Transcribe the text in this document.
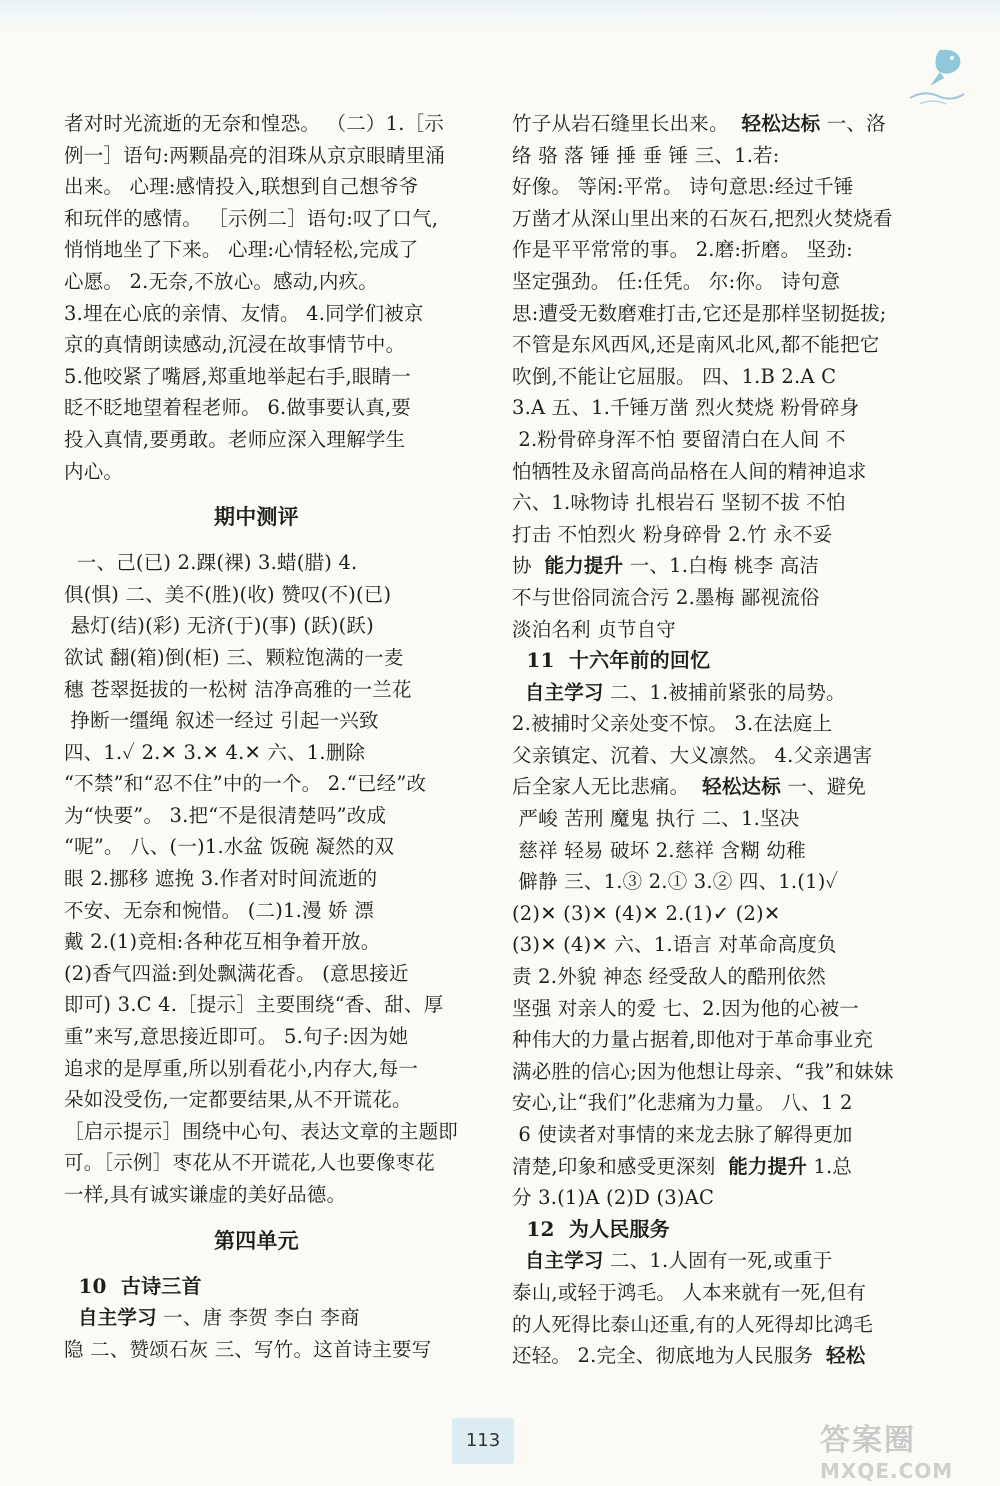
者对时光流逝的无奈和惶恐。 （二）1.［示
例一］语句:两颗晶亮的泪珠从京京眼睛里涌
出来。 心理:感情投入,联想到自己想爷爷
和玩伴的感情。 ［示例二］语句:叹了口气,
悄悄地坐了下来。 心理:心情轻松,完成了
心愿。 2.无奈,不放心。感动,内疚。
3.埋在心底的亲情、友情。 4.同学们被京
京的真情朗读感动,沉浸在故事情节中。
5.他咬紧了嘴唇,郑重地举起右手,眼睛一
眨不眨地望着程老师。 6.做事要认真,要
投入真情,要勇敢。老师应深入理解学生
内心。
期中测评
一、己(已) 2.踝(裸) 3.蜡(腊) 4.
俱(惧) 二、美不(胜)(收) 赞叹(不)(已)
悬灯(结)(彩) 无济(于)(事) (跃)(跃)
欲试 翻(箱)倒(柜) 三、颗粒饱满的一麦
穗 苍翠挺拔的一松树 洁净高雅的一兰花
挣断一缰绳 叙述一经过 引起一兴致
四、1.✓ 2.✕ 3.✕ 4.✕ 六、1.删除
“不禁”和“忍不住”中的一个。 2.“已经”改
为“快要”。 3.把“不是很清楚吗”改成
“呢”。 八、(一)1.水盆 饭碗 凝然的双
眼 2.挪移 遮挽 3.作者对时间流逝的
不安、无奈和惋惜。 (二)1.漫 娇 漂
戴 2.(1)竞相:各种花互相争着开放。
(2)香气四溢:到处飘满花香。 (意思接近
即可) 3.C 4.［提示］主要围绕“香、甜、厚
重”来写,意思接近即可。 5.句子:因为她
追求的是厚重,所以别看花小,内存大,每一
朵如没受伤,一定都要结果,从不开谎花。
［启示提示］围绕中心句、表达文章的主题即
可。［示例］枣花从不开谎花,人也要像枣花
一样,具有诚实谦虚的美好品德。
第四单元
10  古诗三首
自主学习 一、唐 李贺 李白 李商
隐 二、赞颂石灰 三、写竹。这首诗主要写
竹子从岩石缝里长出来。 轻松达标 一、洛
络 骆 落 锤 捶 垂 锤 三、1.若:
好像。 等闲:平常。 诗句意思:经过千锤
万凿才从深山里出来的石灰石,把烈火焚烧看
作是平平常常的事。 2.磨:折磨。 坚劲:
坚定强劲。 任:任凭。 尔:你。 诗句意
思:遭受无数磨难打击,它还是那样坚韧挺拔;
不管是东风西风,还是南风北风,都不能把它
吹倒,不能让它屈服。 四、1.B 2.A C
3.A 五、1.千锤万凿 烈火焚烧 粉骨碎身
2.粉骨碎身浑不怕 要留清白在人间 不
怕牺牲及永留高尚品格在人间的精神追求
六、1.咏物诗 扎根岩石 坚韧不拔 不怕
打击 不怕烈火 粉身碎骨 2.竹 永不妥
协 能力提升 一、1.白梅 桃李 高洁
不与世俗同流合污 2.墨梅 鄙视流俗
淡泊名利 贞节自守
11  十六年前的回忆
自主学习 二、1.被捕前紧张的局势。
2.被捕时父亲处变不惊。 3.在法庭上
父亲镇定、沉着、大义凛然。 4.父亲遇害
后全家人无比悲痛。 轻松达标 一、避免
严峻 苦刑 魔鬼 执行 二、1.坚决
慈祥 轻易 破坏 2.慈祥 含糊 幼稚
僻静 三、1.③ 2.① 3.② 四、1.(1)✓
(2)✕ (3)✕ (4)✕ 2.(1)✓ (2)✕
(3)✕ (4)✕ 六、1.语言 对革命高度负
责 2.外貌 神态 经受敌人的酷刑依然
坚强 对亲人的爱 七、2.因为他的心被一
种伟大的力量占据着,即他对于革命事业充
满必胜的信心;因为他想让母亲、“我”和妹妹
安心,让“我们”化悲痛为力量。 八、1 2
6 使读者对事情的来龙去脉了解得更加
清楚,印象和感受更深刻 能力提升 1.总
分 3.(1)A (2)D (3)AC
12  为人民服务
自主学习 二、1.人固有一死,或重于
泰山,或轻于鸿毛。 人本来就有一死,但有
的人死得比泰山还重,有的人死得却比鸿毛
还轻。 2.完全、彻底地为人民服务 轻松
113	答案圈
MXQE.COM
